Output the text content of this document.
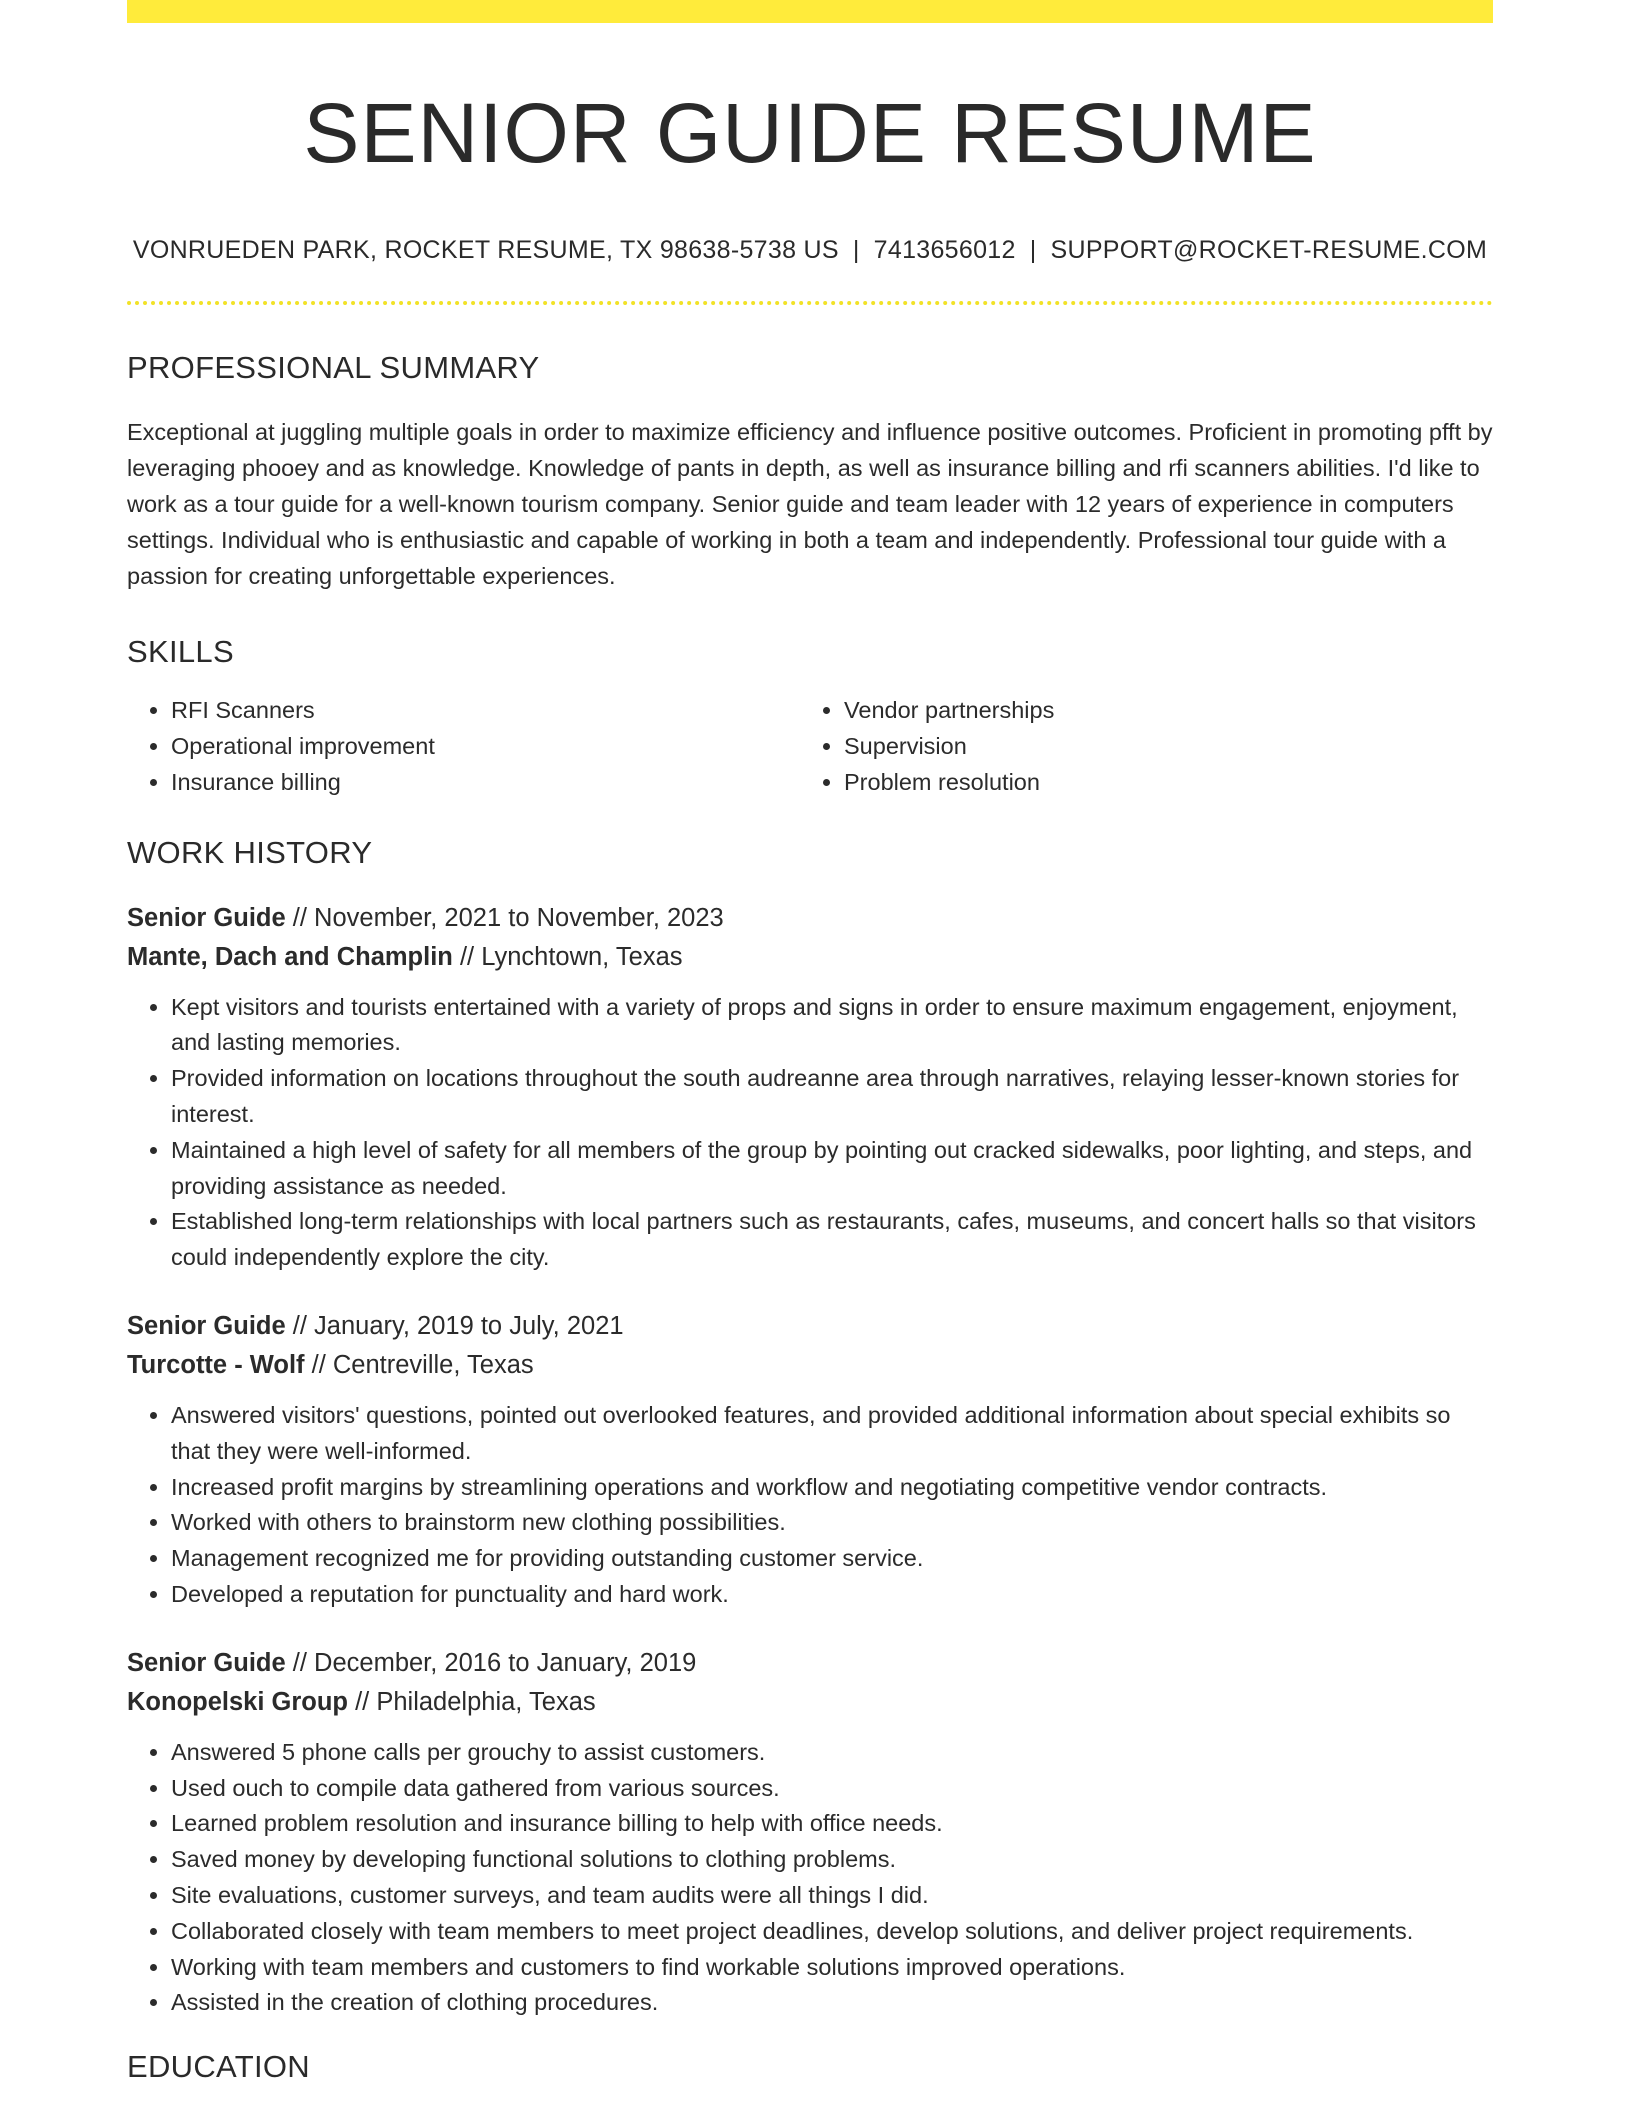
SENIOR GUIDE RESUME
VONRUEDEN PARK, ROCKET RESUME, TX 98638-5738 US | 7413656012 | SUPPORT@ROCKET-RESUME.COM
PROFESSIONAL SUMMARY

Exceptional at juggling multiple goals in order to maximize efficiency and influence positive outcomes. Proficient in promoting pfft by leveraging phooey and as knowledge. Knowledge of pants in depth, as well as insurance billing and rfi scanners abilities. I'd like to work as a tour guide for a well-known tourism company. Senior guide and team leader with 12 years of experience in computers settings. Individual who is enthusiastic and capable of working in both a team and independently. Professional tour guide with a passion for creating unforgettable experiences.

SKILLS
• RFI Scanners
• Operational improvement
• Insurance billing
• Vendor partnerships
• Supervision
• Problem resolution
WORK HISTORY
Senior Guide // November, 2021 to November, 2023
Mante, Dach and Champlin // Lynchtown, Texas
• Kept visitors and tourists entertained with a variety of props and signs in order to ensure maximum engagement, enjoyment, and lasting memories.
• Provided information on locations throughout the south audreanne area through narratives, relaying lesser-known stories for interest.
• Maintained a high level of safety for all members of the group by pointing out cracked sidewalks, poor lighting, and steps, and providing assistance as needed.
• Established long-term relationships with local partners such as restaurants, cafes, museums, and concert halls so that visitors could independently explore the city.
Senior Guide // January, 2019 to July, 2021
Turcotte - Wolf // Centreville, Texas
• Answered visitors' questions, pointed out overlooked features, and provided additional information about special exhibits so that they were well-informed.
• Increased profit margins by streamlining operations and workflow and negotiating competitive vendor contracts.
• Worked with others to brainstorm new clothing possibilities.
• Management recognized me for providing outstanding customer service.
• Developed a reputation for punctuality and hard work.
Senior Guide // December, 2016 to January, 2019
Konopelski Group // Philadelphia, Texas
• Answered 5 phone calls per grouchy to assist customers.
• Used ouch to compile data gathered from various sources.
• Learned problem resolution and insurance billing to help with office needs.
• Saved money by developing functional solutions to clothing problems.
• Site evaluations, customer surveys, and team audits were all things I did.
• Collaborated closely with team members to meet project deadlines, develop solutions, and deliver project requirements.
• Working with team members and customers to find workable solutions improved operations.
• Assisted in the creation of clothing procedures.
EDUCATION
